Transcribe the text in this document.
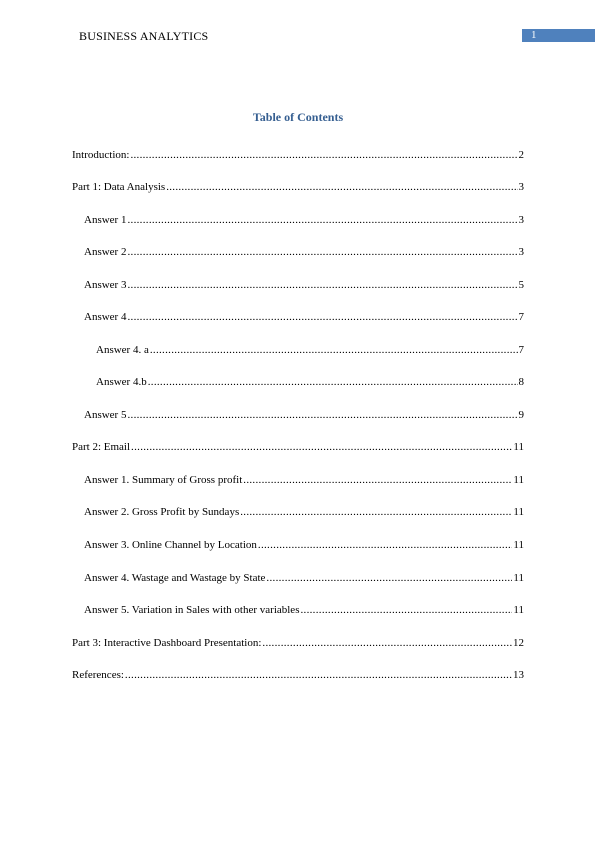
BUSINESS ANALYTICS	1
Table of Contents
Introduction: .....	2
Part 1: Data Analysis .....	3
Answer 1 .....	3
Answer 2 .....	3
Answer 3 .....	5
Answer 4 .....	7
Answer 4. a .....	7
Answer 4.b .....	8
Answer 5 .....	9
Part 2: Email .....	11
Answer 1. Summary of Gross profit .....	11
Answer 2. Gross Profit by Sundays .....	11
Answer 3. Online Channel by Location .....	11
Answer 4. Wastage and Wastage by State .....	11
Answer 5. Variation in Sales with other variables .....	11
Part 3: Interactive Dashboard Presentation: .....	12
References: .....	13
